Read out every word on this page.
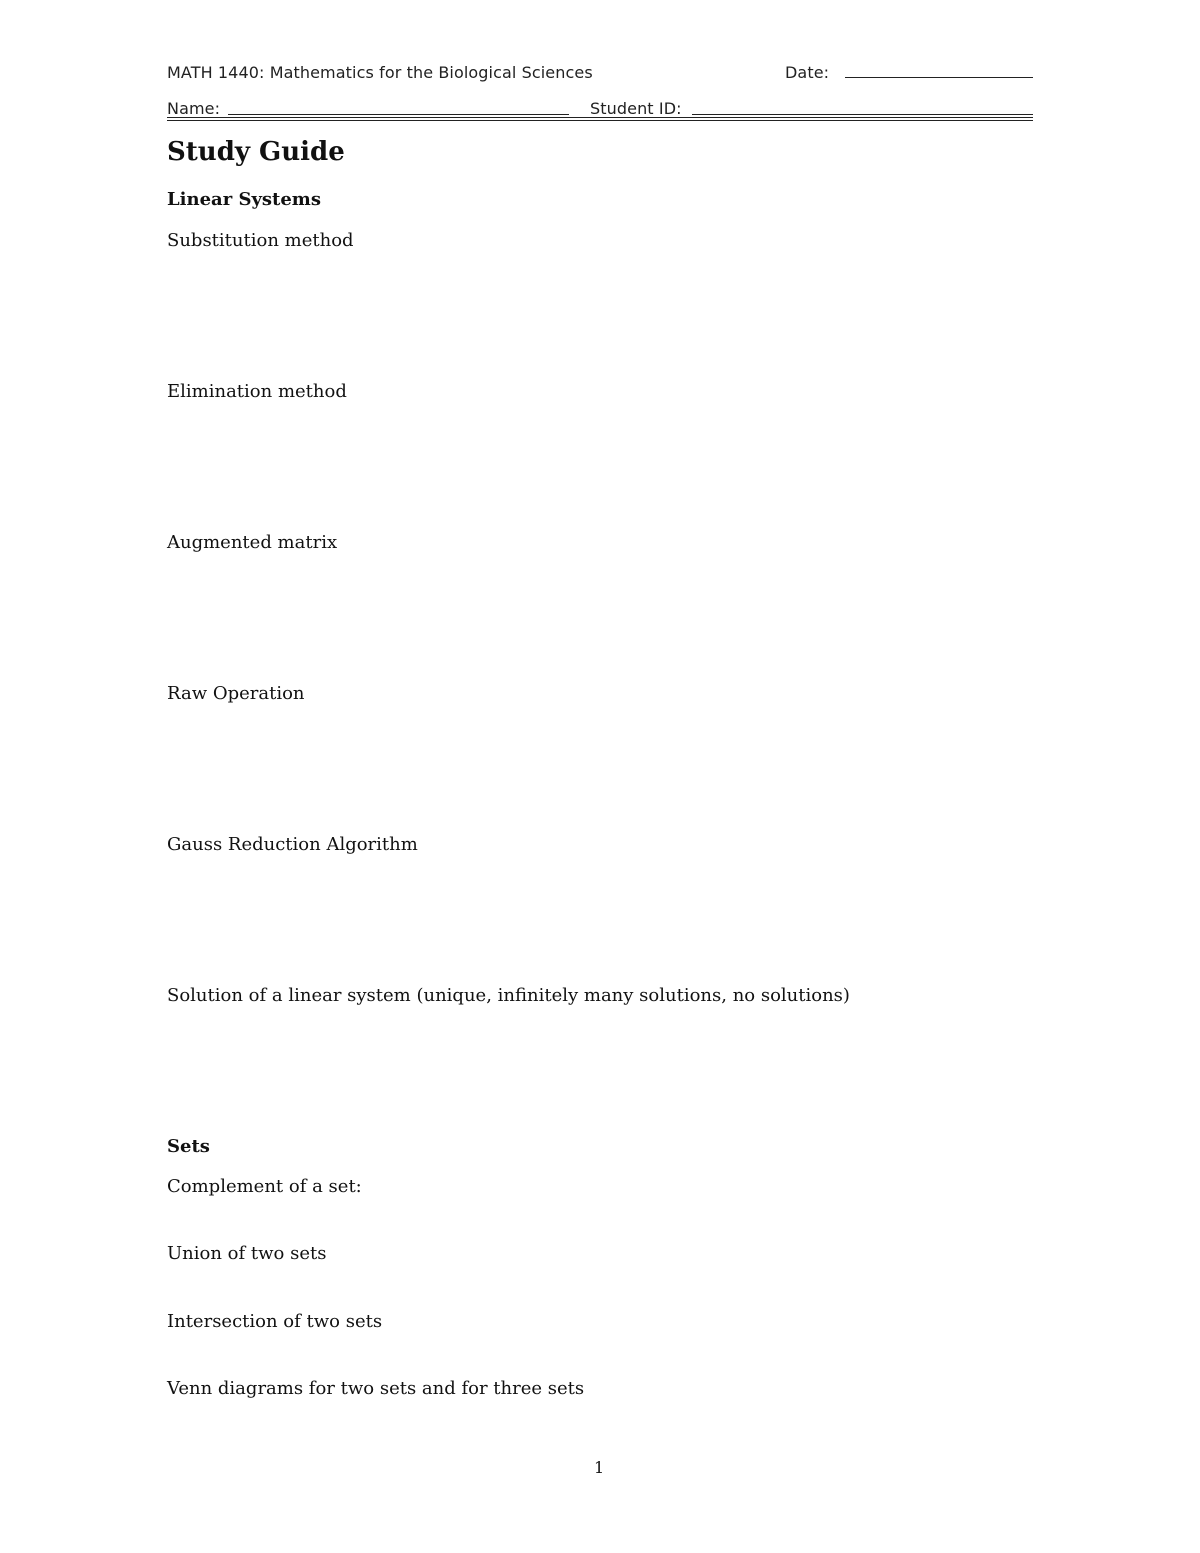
MATH 1440: Mathematics for the Biological Sciences	Date:
Name:	Student ID:
Study Guide
Linear Systems
Substitution method
Elimination method
Augmented matrix
Raw Operation
Gauss Reduction Algorithm
Solution of a linear system (unique, infinitely many solutions, no solutions)
Sets
Complement of a set:
Union of two sets
Intersection of two sets
Venn diagrams for two sets and for three sets
1
